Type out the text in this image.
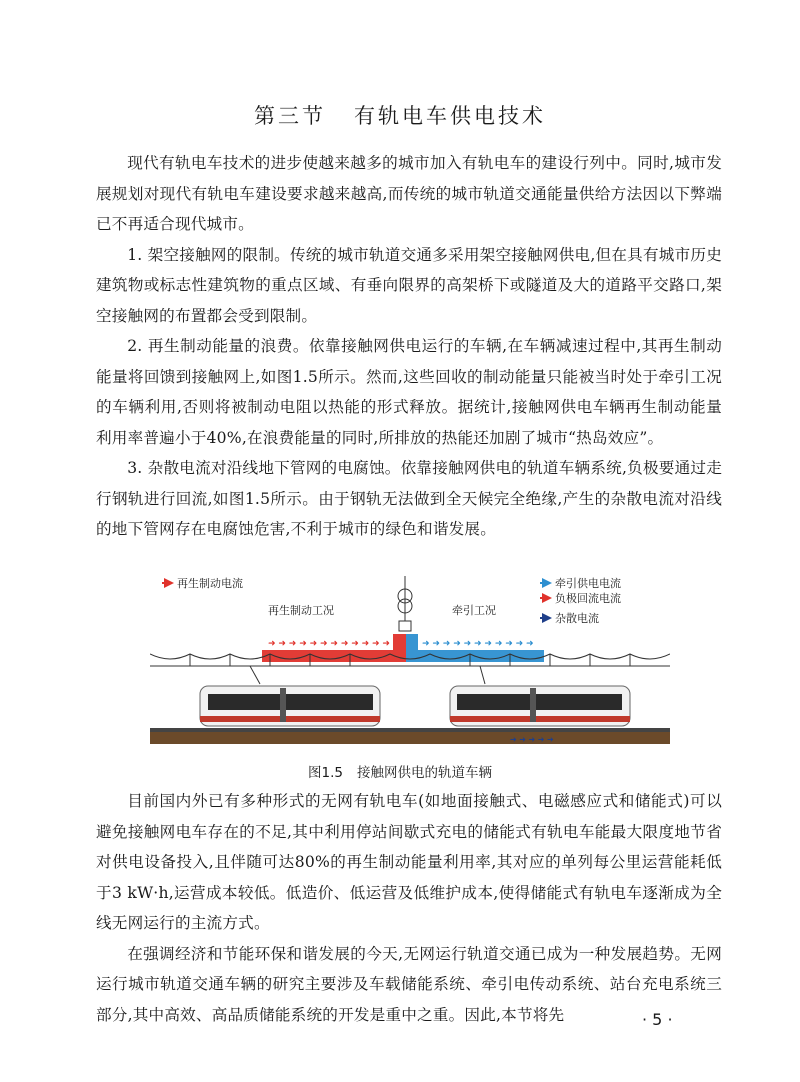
第三节 有轨电车供电技术

现代有轨电车技术的进步使越来越多的城市加入有轨电车的建设行列中。同时,城市发展规划对现代有轨电车建设要求越来越高,而传统的城市轨道交通能量供给方法因以下弊端已不再适合现代城市。

1. 架空接触网的限制。传统的城市轨道交通多采用架空接触网供电,但在具有城市历史建筑物或标志性建筑物的重点区域、有垂向限界的高架桥下或隧道及大的道路平交路口,架空接触网的布置都会受到限制。

2. 再生制动能量的浪费。依靠接触网供电运行的车辆,在车辆减速过程中,其再生制动能量将回馈到接触网上,如图1.5所示。然而,这些回收的制动能量只能被当时处于牵引工况的车辆利用,否则将被制动电阻以热能的形式释放。据统计,接触网供电车辆再生制动能量利用率普遍小于40%,在浪费能量的同时,所排放的热能还加剧了城市“热岛效应”。

3. 杂散电流对沿线地下管网的电腐蚀。依靠接触网供电的轨道车辆系统,负极要通过走行钢轨进行回流,如图1.5所示。由于钢轨无法做到全天候完全绝缘,产生的杂散电流对沿线的地下管网存在电腐蚀危害,不利于城市的绿色和谐发展。

再生制动电流	牵引供电电流
负极回流电流
杂散电流
再生制动工况	牵引工况
➜ ➜ ➜ ➜ ➜ ➜ ➜ ➜ ➜ ➜ ➜ ➜	➜ ➜ ➜ ➜ ➜ ➜ ➜ ➜ ➜ ➜ ➜
➜ ➜ ➜ ➜ ➜
图1.5 接触网供电的轨道车辆

目前国内外已有多种形式的无网有轨电车(如地面接触式、电磁感应式和储能式)可以避免接触网电车存在的不足,其中利用停站间歇式充电的储能式有轨电车能最大限度地节省对供电设备投入,且伴随可达80%的再生制动能量利用率,其对应的单列每公里运营能耗低于3 kW·h,运营成本较低。低造价、低运营及低维护成本,使得储能式有轨电车逐渐成为全线无网运行的主流方式。

在强调经济和节能环保和谐发展的今天,无网运行轨道交通已成为一种发展趋势。无网运行城市轨道交通车辆的研究主要涉及车载储能系统、牵引电传动系统、站台充电系统三部分,其中高效、高品质储能系统的开发是重中之重。因此,本节将先	· 5 ·
